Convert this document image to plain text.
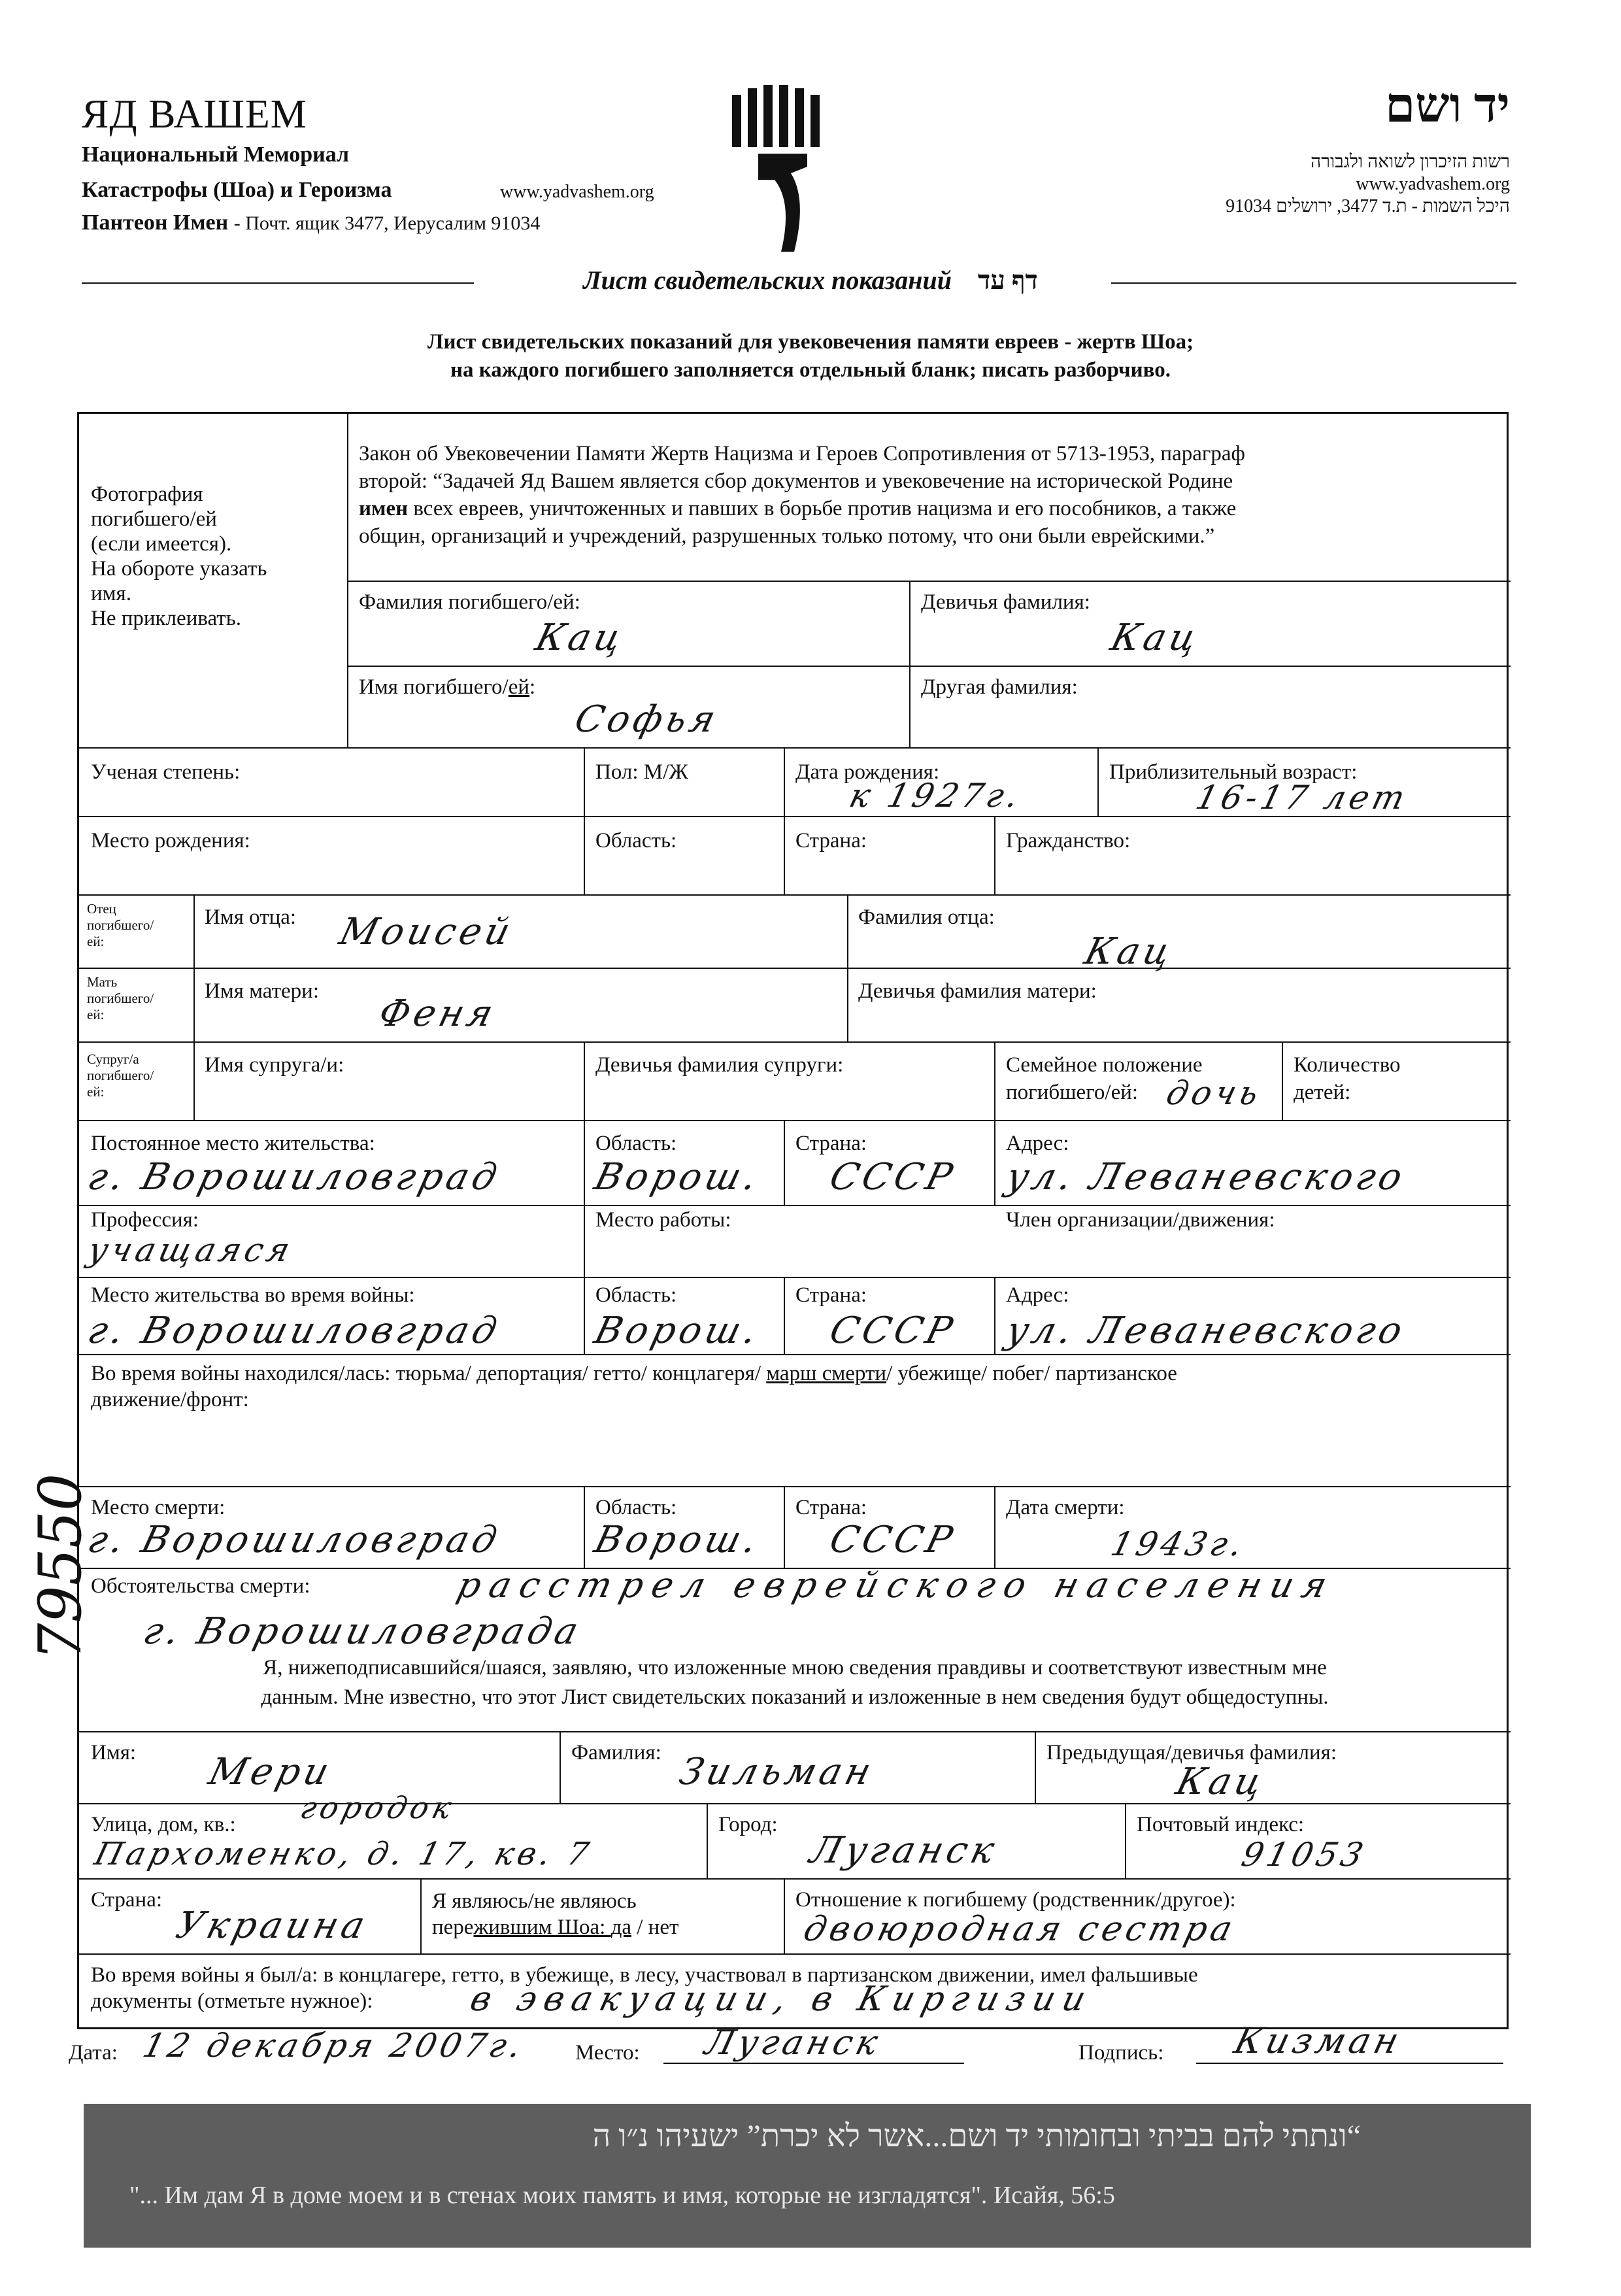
ЯД ВАШЕМ
Национальный Мемориал
Катастрофы (Шоа) и Героизма	www.yadvashem.org
Пантеон Имен - Почт. ящик 3477, Иерусалим 91034
יד ושם
רשות הזיכרון לשואה ולגבורה
www.yadvashem.org
היכל השמות - ת.ד 3477, ירושלים 91034
Лист свидетельских показаний דף עד
Лист свидетельских показаний для увековечения памяти евреев - жертв Шоа;
на каждого погибшего заполняется отдельный бланк; писать разборчиво.
Фотография
погибшего/ей
(если имеется).
На обороте указать
имя.
Не приклеивать.
Закон об Увековечении Памяти Жертв Нацизма и Героев Сопротивления от 5713-1953, параграф
второй: “Задачей Яд Вашем является сбор документов и увековечение на исторической Родине
имен всех евреев, уничтоженных и павших в борьбе против нацизма и его пособников, а также
общин, организаций и учреждений, разрушенных только потому, что они были еврейскими.”
Фамилия погибшего/ей:
Кац
Девичья фамилия:
Кац
Имя погибшего/ей:
Софья
Другая фамилия:
Ученая степень:	Пол: М/Ж	Дата рождения:
к 1927г.
Приблизительный возраст:
16-17 лет
Место рождения:	Область:	Страна:	Гражданство:
Отец
погибшего/
ей:
Имя отца: Моисей	Фамилия отца:
Кац
Мать
погибшего/
ей:
Имя матери:
Феня
Девичья фамилия матери:
Супруг/а
погибшего/
ей:
Имя супруга/и:	Девичья фамилия супруги:	Семейное положение
погибшего/ей: дочь
Количество
детей:
Постоянное место жительства:
г. Ворошиловград
Область:
Ворош.
Страна:
СССР
Адрес:
ул. Леваневского
Профессия:
учащаяся
Место работы:	Член организации/движения:
Место жительства во время войны:
г. Ворошиловград
Область:
Ворош.
Страна:
СССР
Адрес:
ул. Леваневского
Во время войны находился/лась: тюрьма/ депортация/ гетто/ концлагеря/ марш смерти/ убежище/ побег/ партизанское
движение/фронт:
Место смерти:
г. Ворошиловград
Область:
Ворош.
Страна:
СССР
Дата смерти:
1943г.
Обстоятельства смерти:	расстрел еврейского населения
г. Ворошиловграда
Я, нижеподписавшийся/шаяся, заявляю, что изложенные мною сведения правдивы и соответствуют известным мне
данным. Мне известно, что этот Лист свидетельских показаний и изложенные в нем сведения будут общедоступны.
Имя: Мери	Фамилия: Зильман	Предыдущая/девичья фамилия:
Кац
Улица, дом, кв.: городок
Пархоменко, д. 17, кв. 7
Город:
Луганск
Почтовый индекс:
91053
Страна:
Украина
Я являюсь/не являюсь
пережившим Шоа: да / нет
Отношение к погибшему (родственник/другое):
двоюродная сестра
Во время войны я был/а: в концлагере, гетто, в убежище, в лесу, участвовал в партизанском движении, имел фальшивые
документы (отметьте нужное):	в эвакуации, в Киргизии
Дата: 12 декабря 2007г. Место: Луганск	Подпись: Кизман
79550
“ונתתי להם בביתי ובחומותי יד ושם...אשר לא יכרת” ישעיהו נ״ו ה
"... Им дам Я в доме моем и в стенах моих память и имя, которые не изгладятся". Исайя, 56:5
